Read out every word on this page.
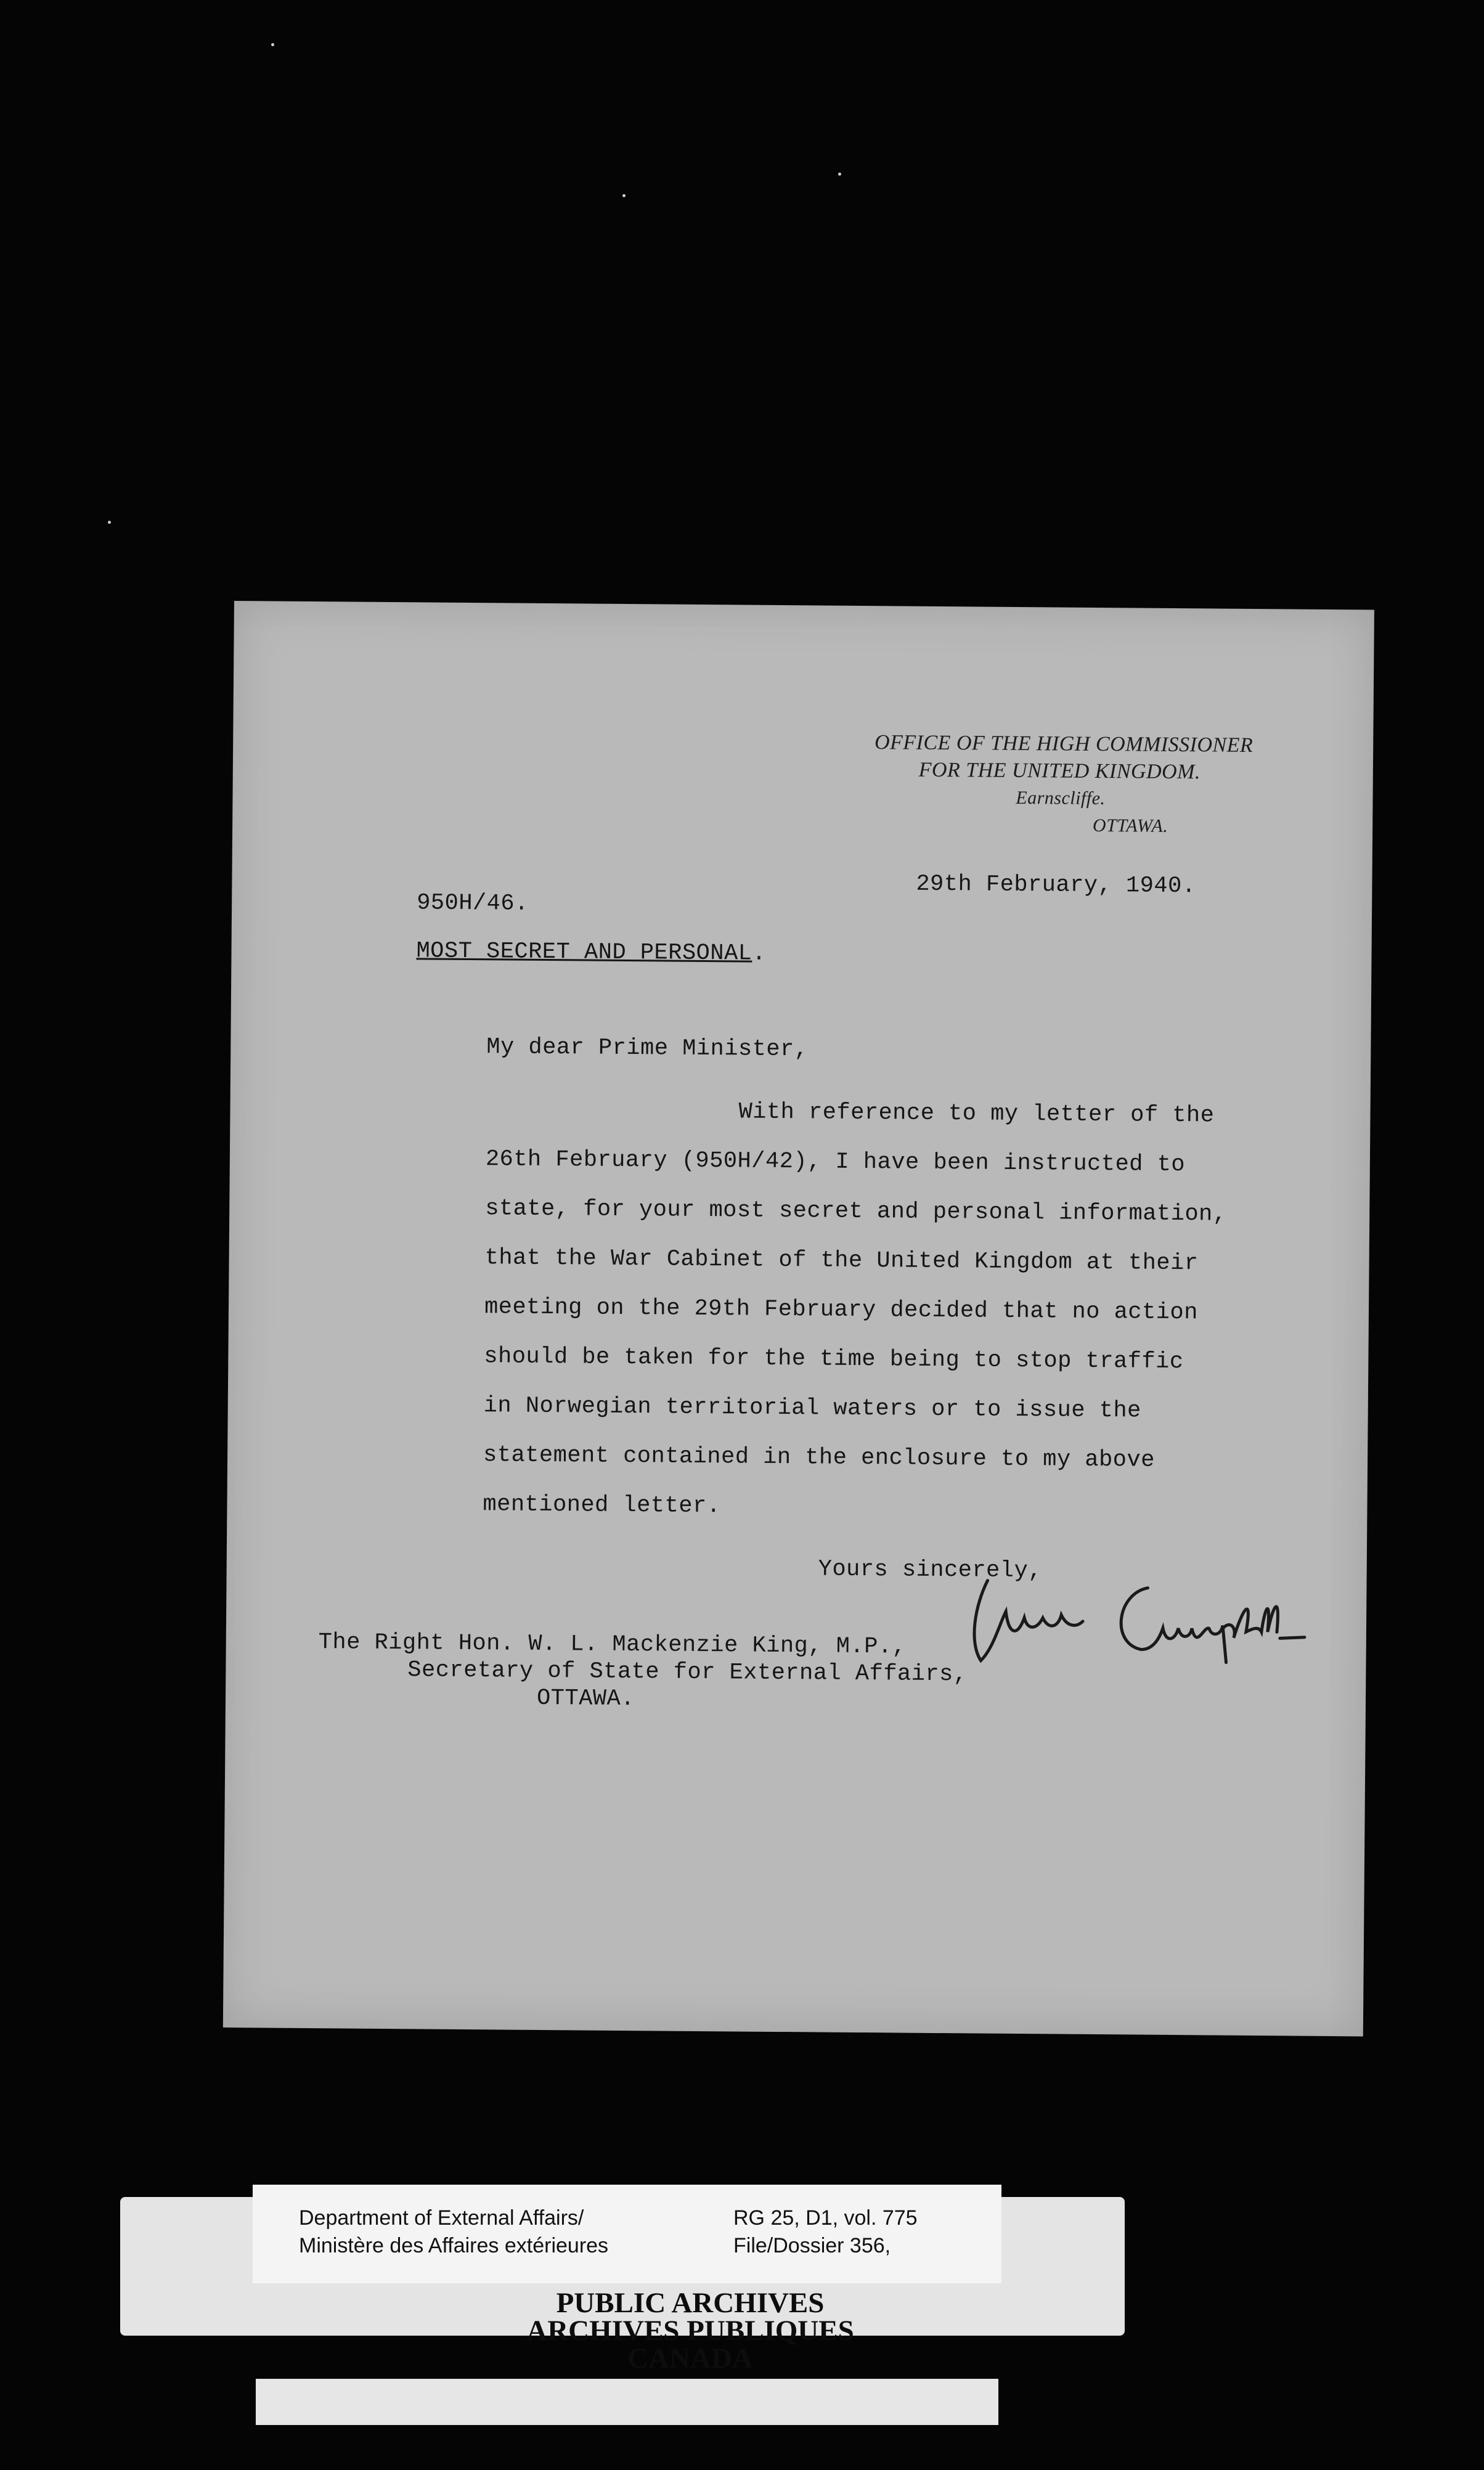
OFFICE OF THE HIGH COMMISSIONER
FOR THE UNITED KINGDOM.
Earnscliffe.
OTTAWA.
29th February, 1940.
950H/46.
MOST SECRET AND PERSONAL.
My dear Prime Minister,
With reference to my letter of the
26th February (950H/42), I have been instructed to
state, for your most secret and personal information,
that the War Cabinet of the United Kingdom at their
meeting on the 29th February decided that no action
should be taken for the time being to stop traffic
in Norwegian territorial waters or to issue the
statement contained in the enclosure to my above
mentioned letter.
Yours sincerely,
The Right Hon. W. L. Mackenzie King, M.P.,
Secretary of State for External Affairs,
OTTAWA.
Department of External Affairs/
Ministère des Affaires extérieures
RG 25, D1, vol. 775
File/Dossier 356,
PUBLIC ARCHIVES
ARCHIVES PUBLIQUES
CANADA
